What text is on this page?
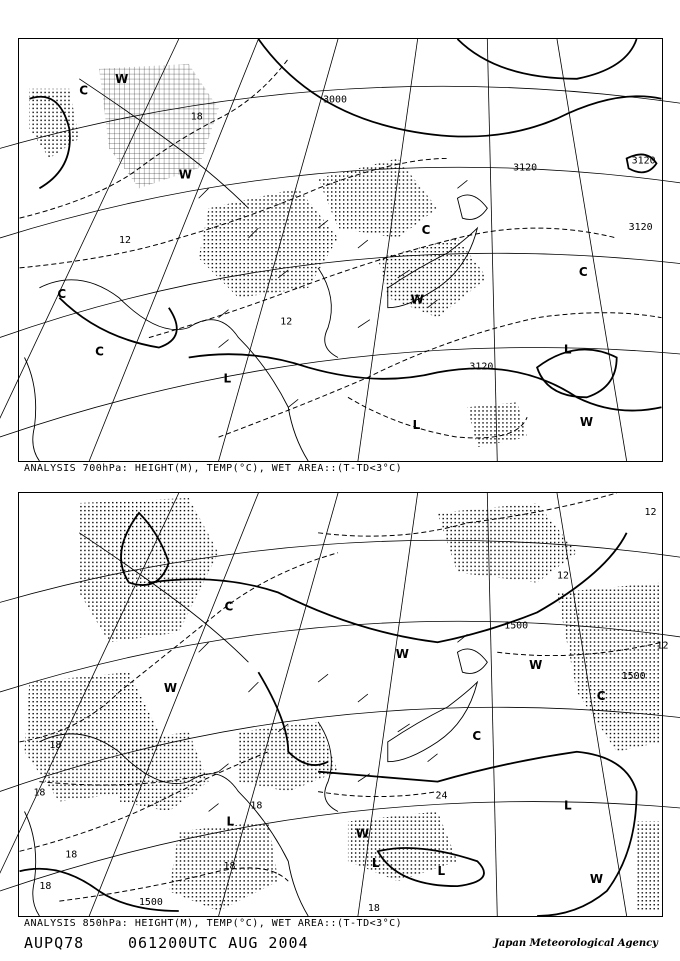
3000
3120
3120
3120
3120
12
12
18
L
L
L
W
W
W
W
C
C
C
C
C
ANALYSIS 700hPa: HEIGHT(M), TEMP(°C), WET AREA::(T-TD<3°C)
1500
1500
1500
12
12
12
18
18
18
18
18
18
18
24
L
L
L
L
W
W
W
W
W
C
C
C
ANALYSIS 850hPa: HEIGHT(M), TEMP(°C), WET AREA::(T-TD<3°C)
AUPQ78	061200UTC AUG 2004	Japan Meteorological Agency
